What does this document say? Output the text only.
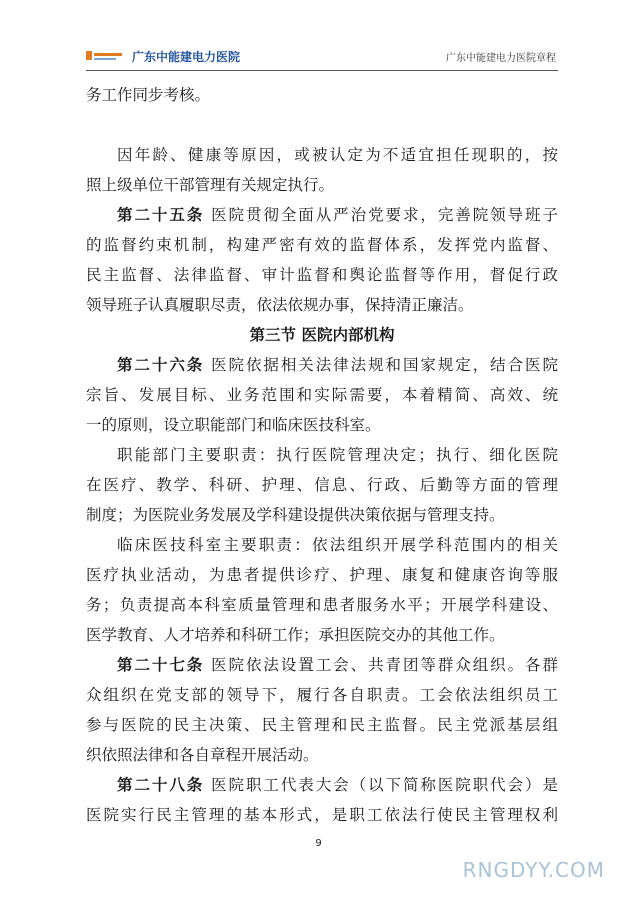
广东中能建电力医院	广东中能建电力医院章程
务工作同步考核。
因年龄、健康等原因，或被认定为不适宜担任现职的，按
照上级单位干部管理有关规定执行。
第二十五条 医院贯彻全面从严治党要求，完善院领导班子
的监督约束机制，构建严密有效的监督体系，发挥党内监督、
民主监督、法律监督、审计监督和舆论监督等作用，督促行政
领导班子认真履职尽责，依法依规办事，保持清正廉洁。
第三节 医院内部机构
第二十六条 医院依据相关法律法规和国家规定，结合医院
宗旨、发展目标、业务范围和实际需要，本着精简、高效、统
一的原则，设立职能部门和临床医技科室。
职能部门主要职责：执行医院管理决定；执行、细化医院
在医疗、教学、科研、护理、信息、行政、后勤等方面的管理
制度；为医院业务发展及学科建设提供决策依据与管理支持。
临床医技科室主要职责：依法组织开展学科范围内的相关
医疗执业活动，为患者提供诊疗、护理、康复和健康咨询等服
务；负责提高本科室质量管理和患者服务水平；开展学科建设、
医学教育、人才培养和科研工作；承担医院交办的其他工作。
第二十七条 医院依法设置工会、共青团等群众组织。各群
众组织在党支部的领导下，履行各自职责。工会依法组织员工
参与医院的民主决策、民主管理和民主监督。民主党派基层组
织依照法律和各自章程开展活动。
第二十八条 医院职工代表大会（以下简称医院职代会）是
医院实行民主管理的基本形式，是职工依法行使民主管理权利
9
RNGDYY.COM
